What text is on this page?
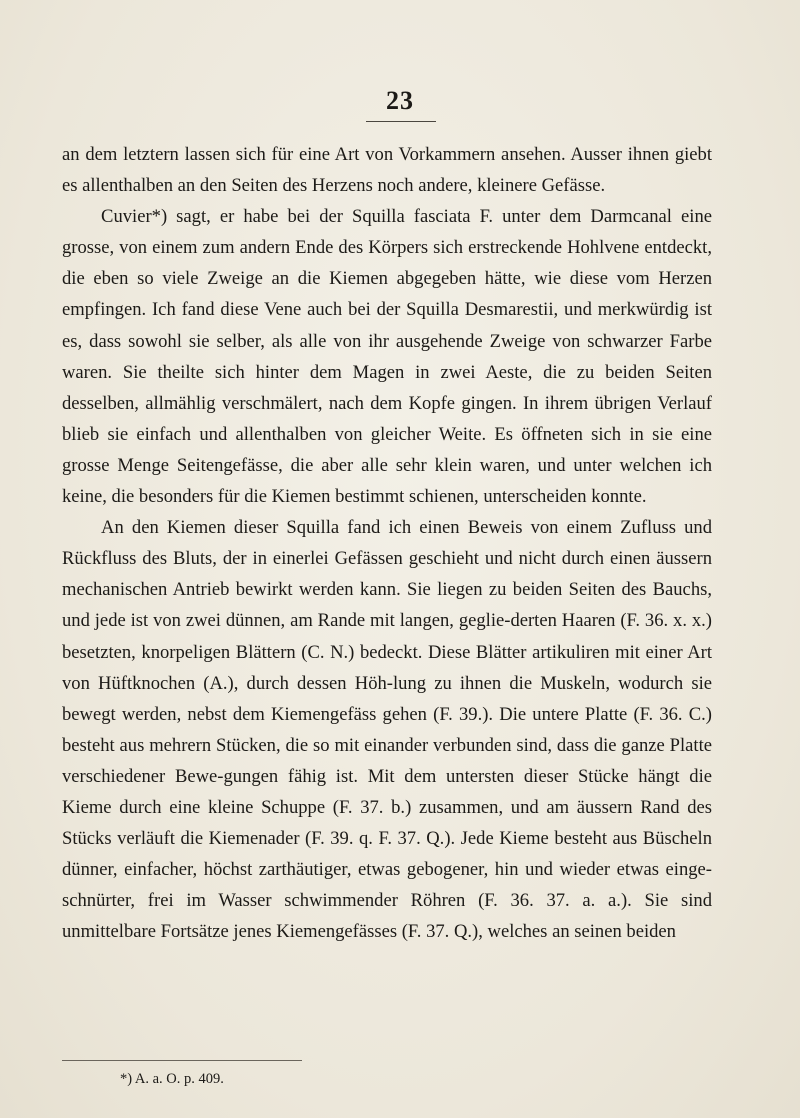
23

an dem letztern lassen sich für eine Art von Vorkammern ansehen. Ausser ihnen giebt es allenthalben an den Seiten des Herzens noch andere, kleinere Gefässe.

Cuvier*) sagt, er habe bei der Squilla fasciata F. unter dem Darmcanal eine grosse, von einem zum andern Ende des Körpers sich erstreckende Hohlvene entdeckt, die eben so viele Zweige an die Kiemen abgegeben hätte, wie diese vom Herzen empfingen. Ich fand diese Vene auch bei der Squilla Desmarestii, und merkwürdig ist es, dass sowohl sie selber, als alle von ihr ausgehende Zweige von schwarzer Farbe waren. Sie theilte sich hinter dem Magen in zwei Aeste, die zu beiden Seiten desselben, allmählig verschmälert, nach dem Kopfe gingen. In ihrem übrigen Verlauf blieb sie einfach und allenthalben von gleicher Weite. Es öffneten sich in sie eine grosse Menge Seitengefässe, die aber alle sehr klein waren, und unter welchen ich keine, die besonders für die Kiemen bestimmt schienen, unterscheiden konnte.

An den Kiemen dieser Squilla fand ich einen Beweis von einem Zufluss und Rückfluss des Bluts, der in einerlei Gefässen geschieht und nicht durch einen äussern mechanischen Antrieb bewirkt werden kann. Sie liegen zu beiden Seiten des Bauchs, und jede ist von zwei dünnen, am Rande mit langen, geglie-derten Haaren (F. 36. x. x.) besetzten, knorpeligen Blättern (C. N.) bedeckt. Diese Blätter artikuliren mit einer Art von Hüftknochen (A.), durch dessen Höh-lung zu ihnen die Muskeln, wodurch sie bewegt werden, nebst dem Kiemengefäss gehen (F. 39.). Die untere Platte (F. 36. C.) besteht aus mehrern Stücken, die so mit einander verbunden sind, dass die ganze Platte verschiedener Bewe-gungen fähig ist. Mit dem untersten dieser Stücke hängt die Kieme durch eine kleine Schuppe (F. 37. b.) zusammen, und am äussern Rand des Stücks verläuft die Kiemenader (F. 39. q. F. 37. Q.). Jede Kieme besteht aus Büscheln dünner, einfacher, höchst zarthäutiger, etwas gebogener, hin und wieder etwas einge-schnürter, frei im Wasser schwimmender Röhren (F. 36. 37. a. a.). Sie sind unmittelbare Fortsätze jenes Kiemengefässes (F. 37. Q.), welches an seinen beiden

*) A. a. O. p. 409.
